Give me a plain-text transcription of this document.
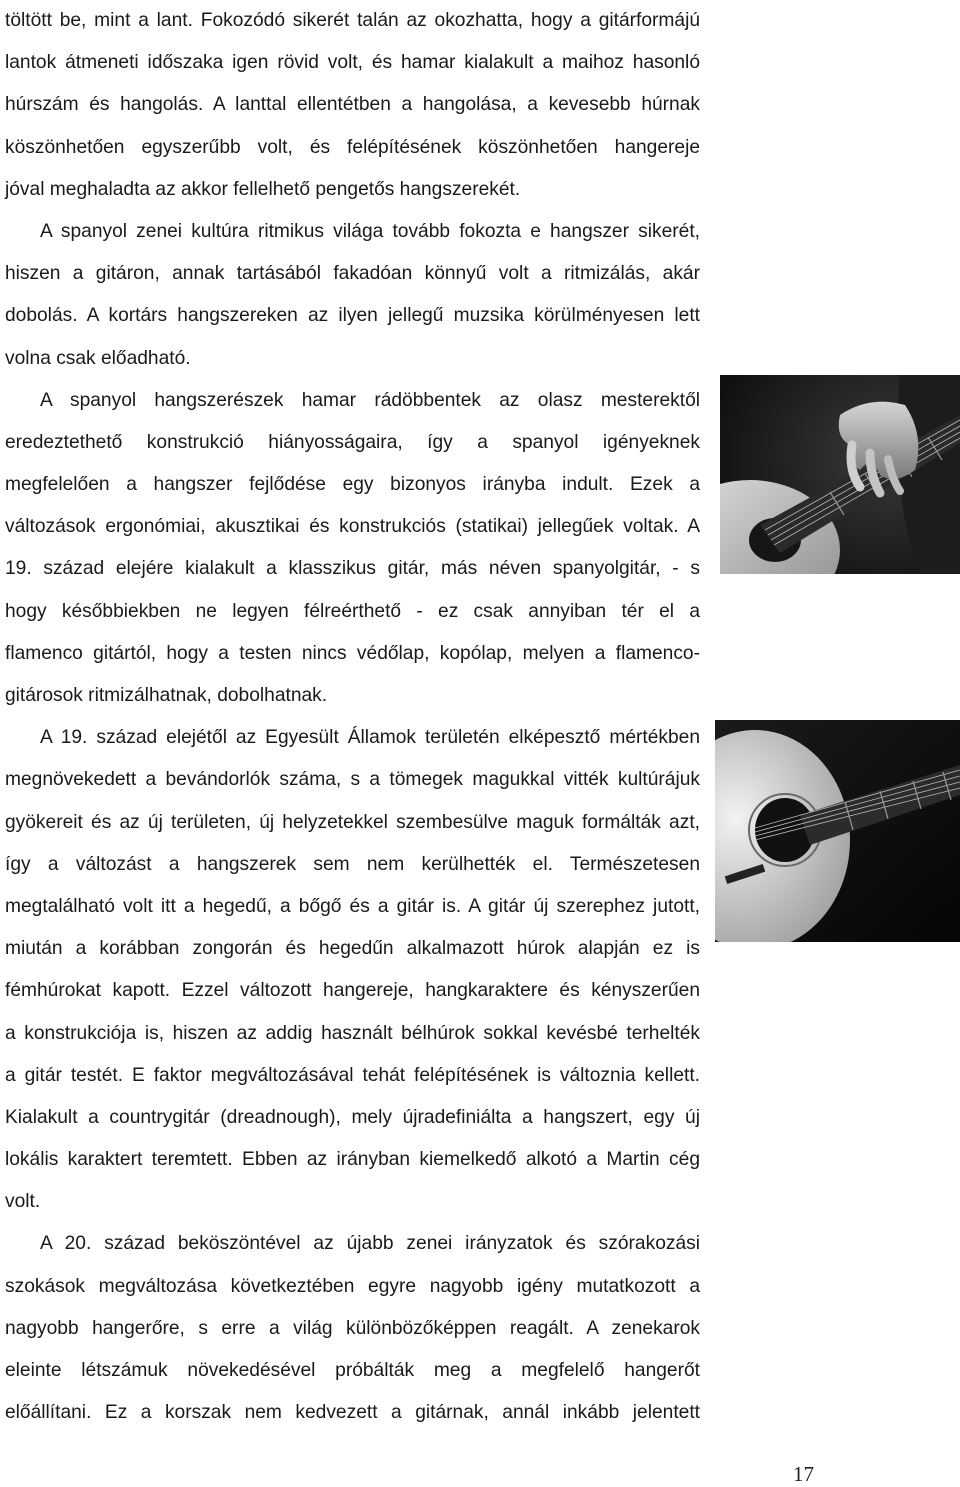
töltött be, mint a lant. Fokozódó sikerét talán az okozhatta, hogy a gitárformájú
lantok átmeneti időszaka igen rövid volt, és hamar kialakult a maihoz hasonló
húrszám és hangolás. A lanttal ellentétben a hangolása, a kevesebb húrnak
köszönhetően egyszerűbb volt, és felépítésének köszönhetően hangereje
jóval meghaladta az akkor fellelhető pengetős hangszerekét.
A spanyol zenei kultúra ritmikus világa tovább fokozta e hangszer sikerét,
hiszen a gitáron, annak tartásából fakadóan könnyű volt a ritmizálás, akár
dobolás. A kortárs hangszereken az ilyen jellegű muzsika körülményesen lett
volna csak előadható.
A spanyol hangszerészek hamar rádöbbentek az olasz mesterektől
eredeztethető konstrukció hiányosságaira, így a spanyol igényeknek
megfelelően a hangszer fejlődése egy bizonyos irányba indult. Ezek a
változások ergonómiai, akusztikai és konstrukciós (statikai) jellegűek voltak. A
19. század elejére kialakult a klasszikus gitár, más néven spanyolgitár, - s
hogy későbbiekben ne legyen félreérthető - ez csak annyiban tér el a
flamenco gitártól, hogy a testen nincs védőlap, kopólap, melyen a flamenco-
gitárosok ritmizálhatnak, dobolhatnak.
A 19. század elejétől az Egyesült Államok területén elképesztő mértékben
megnövekedett a bevándorlók száma, s a tömegek magukkal vitték kultúrájuk
gyökereit és az új területen, új helyzetekkel szembesülve maguk formálták azt,
így a változást a hangszerek sem nem kerülhették el. Természetesen
megtalálható volt itt a hegedű, a bőgő és a gitár is. A gitár új szerephez jutott,
miután a korábban zongorán és hegedűn alkalmazott húrok alapján ez is
fémhúrokat kapott. Ezzel változott hangereje, hangkaraktere és kényszerűen
a konstrukciója is, hiszen az addig használt bélhúrok sokkal kevésbé terhelték
a gitár testét. E faktor megváltozásával tehát felépítésének is változnia kellett.
Kialakult a countrygitár (dreadnough), mely újradefiniálta a hangszert, egy új
lokális karaktert teremtett. Ebben az irányban kiemelkedő alkotó a Martin cég
volt.
A 20. század beköszöntével az újabb zenei irányzatok és szórakozási
szokások megváltozása következtében egyre nagyobb igény mutatkozott a
nagyobb hangerőre, s erre a világ különbözőképpen reagált. A zenekarok
eleinte létszámuk növekedésével próbálták meg a megfelelő hangerőt
előállítani. Ez a korszak nem kedvezett a gitárnak, annál inkább jelentett
17
